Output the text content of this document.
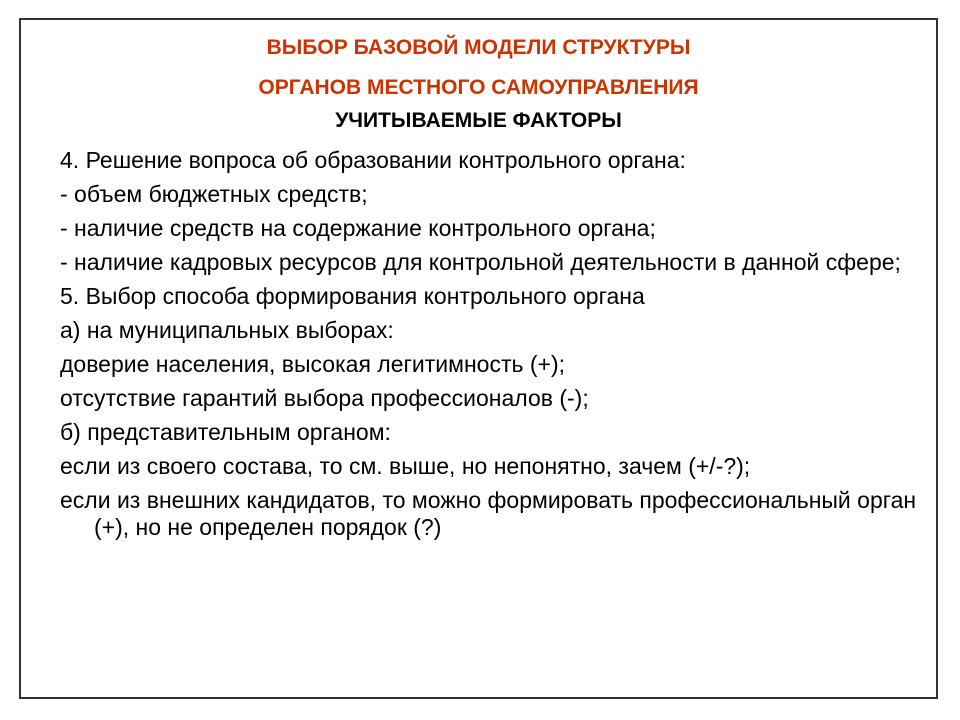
ВЫБОР БАЗОВОЙ МОДЕЛИ СТРУКТУРЫ
ОРГАНОВ МЕСТНОГО САМОУПРАВЛЕНИЯ
УЧИТЫВАЕМЫЕ ФАКТОРЫ

4. Решение вопроса об образовании контрольного органа:

- объем бюджетных средств;

- наличие средств на содержание контрольного органа;

- наличие кадровых ресурсов для контрольной деятельности в данной сфере;

5. Выбор способа формирования контрольного органа

а) на муниципальных выборах:

доверие населения, высокая легитимность (+);

отсутствие гарантий выбора профессионалов (-);

б) представительным органом:

если из своего состава, то см. выше, но непонятно, зачем (+/-?);

если из внешних кандидатов, то можно формировать профессиональный орган (+), но не определен порядок (?)
